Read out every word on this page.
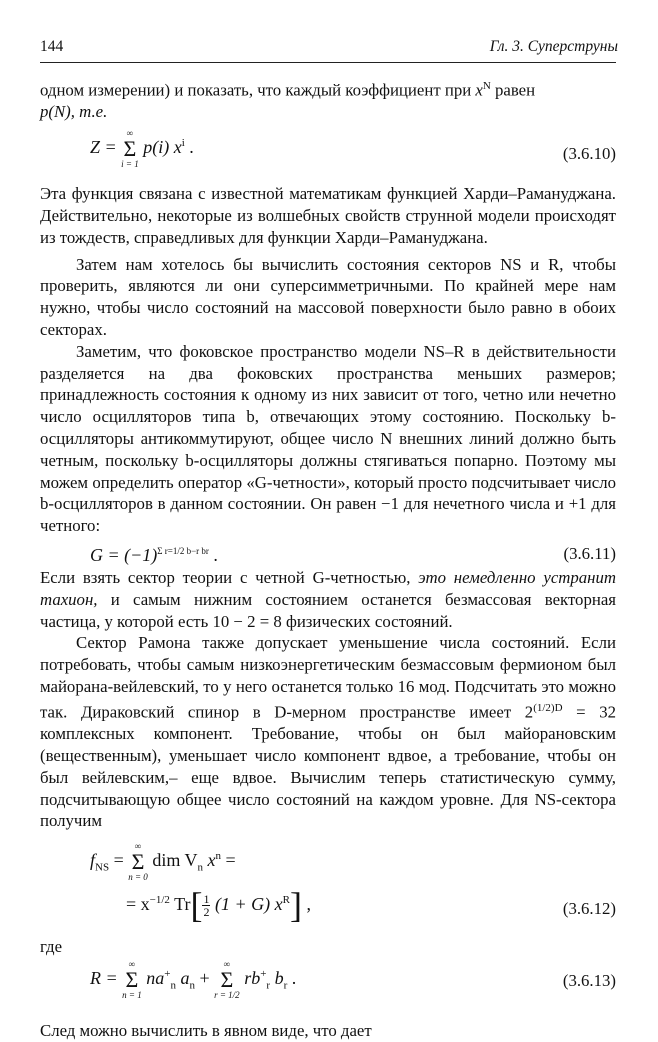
144	Гл. 3. Суперструны

одном измерении) и показать, что каждый коэффициент при $x^N$ равен
p(N), т.е.

Z =
∞
Σ
i = 1
p(i) $x^i$ .	(3.6.10)

Эта функция связана с известной математикам функцией Харди–Рамануджана. Действительно, некоторые из волшебных свойств струнной модели происходят из тождеств, справедливых для функции Харди–Рамануджана.

Затем нам хотелось бы вычислить состояния секторов NS и R, чтобы проверить, являются ли они суперсимметричными. По крайней мере нам нужно, чтобы число состояний на массовой поверхности было равно в обоих секторах.

Заметим, что фоковское пространство модели NS–R в действительности разделяется на два фоковских пространства меньших размеров; принадлежность состояния к одному из них зависит от того, четно или нечетно число осцилляторов типа b, отвечающих этому состоянию. Поскольку b-осцилляторы антикоммутируют, общее число N внешних линий должно быть четным, поскольку b-осцилляторы должны стягиваться попарно. Поэтому мы можем определить оператор «G-четности», который просто подсчитывает число b-осцилляторов в данном состоянии. Он равен −1 для нечетного числа и +1 для четного:

$G = (-1)^{\Sigma r=1/2 b-r br}$ .	(3.6.11)

Если взять сектор теории с четной G-четностью, это немедленно устранит тахион, и самым нижним состоянием останется безмассовая векторная частица, у которой есть 10 − 2 = 8 физических состояний.

Сектор Рамона также допускает уменьшение числа состояний. Если потребовать, чтобы самым низкоэнергетическим безмассовым фермионом был майорана-вейлевский, то у него останется только 16 мод. Подсчитать это можно так. Дираковский спинор в D-мерном пространстве имеет $2^{(1/2)D} = 32$ комплексных компонент. Требование, чтобы он был майорановским (вещественным), уменьшает число компонент вдвое, а требование, чтобы он был вейлевским,– еще вдвое. Вычислим теперь статистическую сумму, подсчитывающую общее число состояний на каждом уровне. Для NS-сектора получим

$f_{NS}$ =
∞
Σ
n = 0
dim $V_n$ $x^n$ =
= $x^{-1/2}$ $Tr[ \frac{1}{2} (1 + G)$ $x^R$] ,	(3.6.12)

где

R =
∞
Σ
n = 1
$na^+_n$ $a_n$ +
∞
Σ
r = 1/2
$rb^+_r$ $b_r$ .	(3.6.13)

След можно вычислить в явном виде, что дает
